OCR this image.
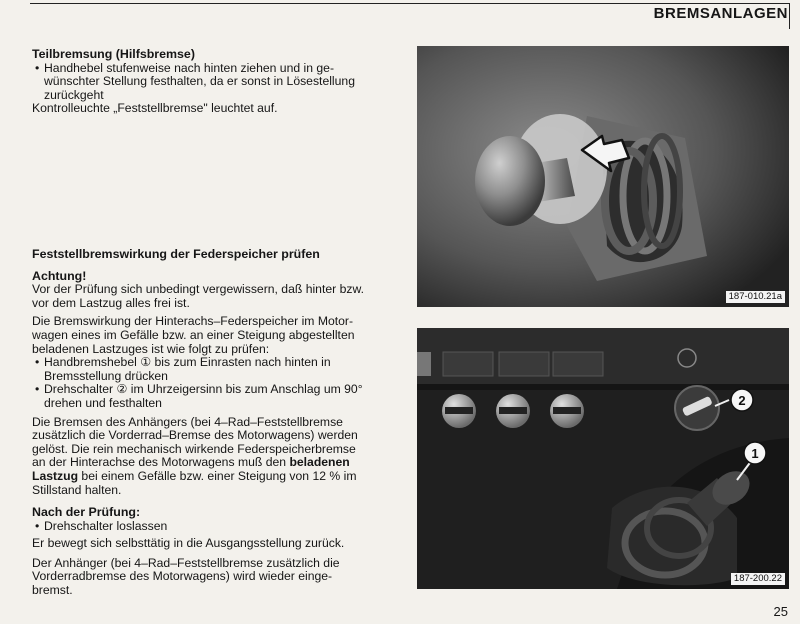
BREMSANLAGEN

Teilbremsung (Hilfsbremse)

• Handhebel stufenweise nach hinten ziehen und in ge-

wünschter Stellung festhalten, da er sonst in Lösestellung

zurückgeht

Kontrolleuchte „Feststellbremse" leuchtet auf.

Feststellbremswirkung der Federspeicher prüfen

Achtung!

Vor der Prüfung sich unbedingt vergewissern, daß hinter bzw.

vor dem Lastzug alles frei ist.

Die Bremswirkung der Hinterachs–Federspeicher im Motor-

wagen eines im Gefälle bzw. an einer Steigung abgestellten

beladenen Lastzuges ist wie folgt zu prüfen:

• Handbremshebel ① bis zum Einrasten nach hinten in

Bremsstellung drücken

• Drehschalter ② im Uhrzeigersinn bis zum Anschlag um 90°

drehen und festhalten

Die Bremsen des Anhängers (bei 4–Rad–Feststellbremse

zusätzlich die Vorderrad–Bremse des Motorwagens) werden

gelöst. Die rein mechanisch wirkende Federspeicherbremse

an der Hinterachse des Motorwagens muß den beladenen

Lastzug bei einem Gefälle bzw. einer Steigung von 12 % im

Stillstand halten.

Nach der Prüfung:

• Drehschalter loslassen

Er bewegt sich selbsttätig in die Ausgangsstellung zurück.

Der Anhänger (bei 4–Rad–Feststellbremse zusätzlich die

Vorderradbremse des Motorwagens) wird wieder einge-

bremst.

187-010.21a
2
1
187-200.22
25
